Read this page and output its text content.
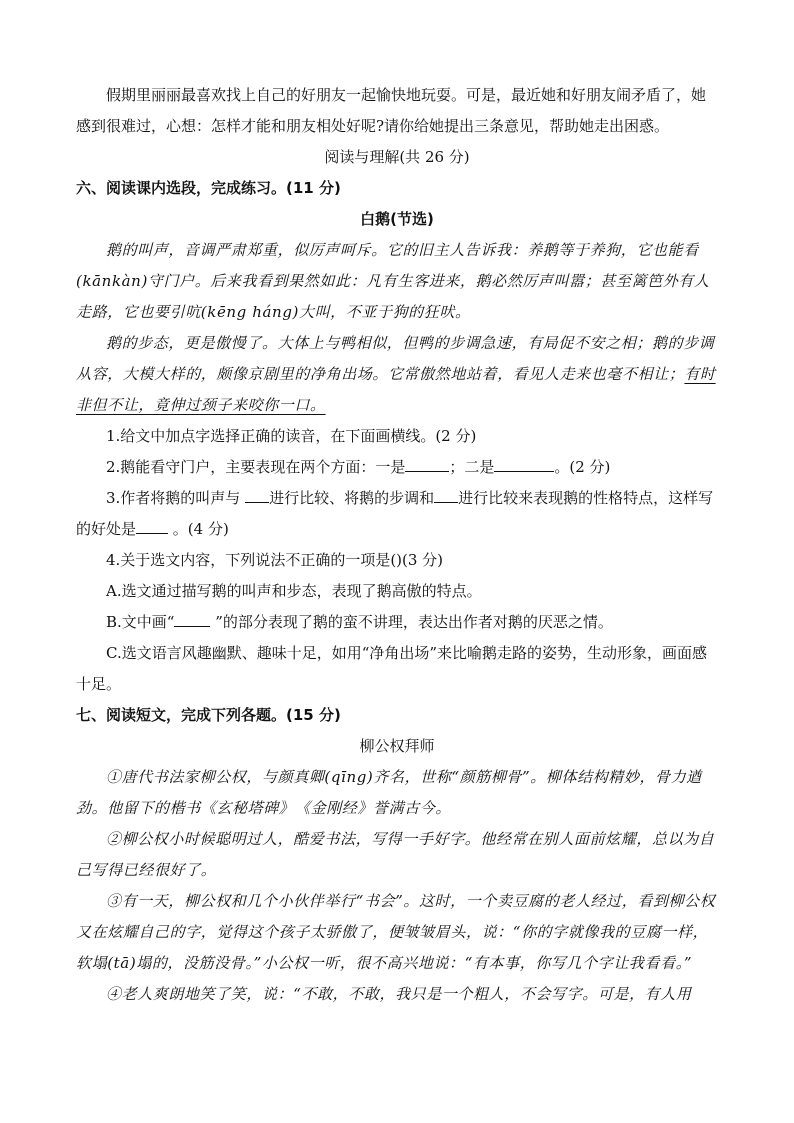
假期里丽丽最喜欢找上自己的好朋友一起愉快地玩耍。可是，最近她和好朋友闹矛盾了，她感到很难过，心想：怎样才能和朋友相处好呢?请你给她提出三条意见，帮助她走出困惑。

阅读与理解(共 26 分)

六、阅读课内选段，完成练习。(11 分)

白鹅(节选)

鹅的叫声，音调严肃郑重，似厉声呵斥。它的旧主人告诉我：养鹅等于养狗，它也能看(kānkàn)守门户。后来我看到果然如此：凡有生客进来，鹅必然厉声叫嚣；甚至篱笆外有人走路，它也要引吭(kēng háng)大叫，不亚于狗的狂吠。

鹅的步态，更是傲慢了。大体上与鸭相似，但鸭的步调急速，有局促不安之相；鹅的步调从容，大模大样的，颇像京剧里的净角出场。它常傲然地站着，看见人走来也毫不相让；有时非但不让，竟伸过颈子来咬你一口。

1.给文中加点字选择正确的读音，在下面画横线。(2 分)

2.鹅能看守门户，主要表现在两个方面：一是	；二是	。(2 分)

3.作者将鹅的叫声与 进行比较、将鹅的步调和 进行比较来表现鹅的性格特点，这样写的好处是 。(4 分)

4.关于选文内容，下列说法不正确的一项是()(3 分)

A.选文通过描写鹅的叫声和步态，表现了鹅高傲的特点。

B.文中画“ ”的部分表现了鹅的蛮不讲理，表达出作者对鹅的厌恶之情。

C.选文语言风趣幽默、趣味十足，如用“净角出场”来比喻鹅走路的姿势，生动形象，画面感十足。

七、阅读短文，完成下列各题。(15 分)

柳公权拜师

①唐代书法家柳公权，与颜真卿(qīng)齐名，世称“颜筋柳骨”。柳体结构精妙，骨力遒劲。他留下的楷书《玄秘塔碑》　《金刚经》誉满古今。

②柳公权小时候聪明过人，酷爱书法，写得一手好字。他经常在别人面前炫耀，总以为自己写得已经很好了。

③有一天，柳公权和几个小伙伴举行“书会”。这时，一个卖豆腐的老人经过，看到柳公权又在炫耀自己的字，觉得这个孩子太骄傲了，便皱皱眉头，说：“你的字就像我的豆腐一样，软塌(tā)塌的，没筋没骨。”小公权一听，很不高兴地说：“有本事，你写几个字让我看看。”

④老人爽朗地笑了笑，说：“不敢，不敢，我只是一个粗人，不会写字。可是，有人用
